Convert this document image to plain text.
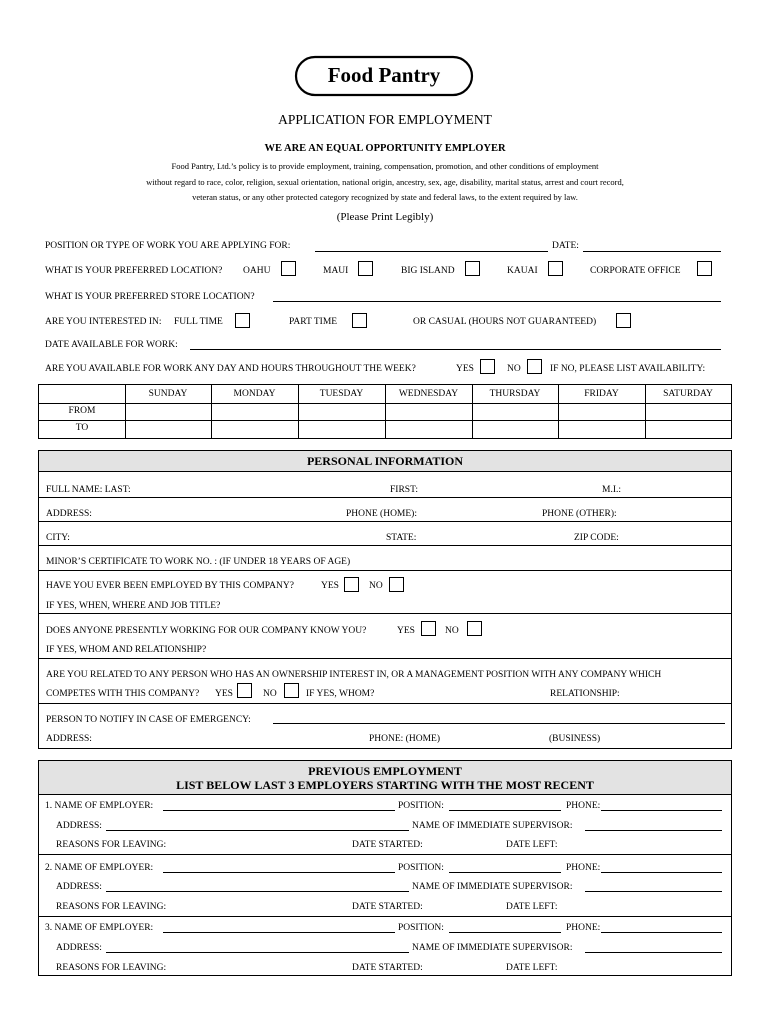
Food Pantry
APPLICATION FOR EMPLOYMENT
WE ARE AN EQUAL OPPORTUNITY EMPLOYER
Food Pantry, Ltd.’s policy is to provide employment, training, compensation, promotion, and other conditions of employment
without regard to race, color, religion, sexual orientation, national origin, ancestry, sex, age, disability, marital status, arrest and court record,
veteran status, or any other protected category recognized by state and federal laws, to the extent required by law.
(Please Print Legibly)
POSITION OR TYPE OF WORK YOU ARE APPLYING FOR:	DATE:
WHAT IS YOUR PREFERRED LOCATION? OAHU	MAUI	BIG ISLAND	KAUAI	CORPORATE OFFICE
WHAT IS YOUR PREFERRED STORE LOCATION?
ARE YOU INTERESTED IN: FULL TIME	PART TIME	OR CASUAL (HOURS NOT GUARANTEED)
DATE AVAILABLE FOR WORK:
ARE YOU AVAILABLE FOR WORK ANY DAY AND HOURS THROUGHOUT THE WEEK?	YES	NO	IF NO, PLEASE LIST AVAILABILITY:
SUNDAY	MONDAY	TUESDAY	WEDNESDAY	THURSDAY	FRIDAY	SATURDAY
FROM
TO
PERSONAL INFORMATION
FULL NAME: LAST:	FIRST:	M.I.:
ADDRESS:	PHONE (HOME):	PHONE (OTHER):
CITY:	STATE:	ZIP CODE:
MINOR’S CERTIFICATE TO WORK NO. : (IF UNDER 18 YEARS OF AGE)
HAVE YOU EVER BEEN EMPLOYED BY THIS COMPANY?	YES	NO
IF YES, WHEN, WHERE AND JOB TITLE?
DOES ANYONE PRESENTLY WORKING FOR OUR COMPANY KNOW YOU?	YES	NO
IF YES, WHOM AND RELATIONSHIP?
ARE YOU RELATED TO ANY PERSON WHO HAS AN OWNERSHIP INTEREST IN, OR A MANAGEMENT POSITION WITH ANY COMPANY WHICH
COMPETES WITH THIS COMPANY? YES	NO	IF YES, WHOM?	RELATIONSHIP:
PERSON TO NOTIFY IN CASE OF EMERGENCY:
ADDRESS:	PHONE: (HOME)	(BUSINESS)
PREVIOUS EMPLOYMENT
LIST BELOW LAST 3 EMPLOYERS STARTING WITH THE MOST RECENT
1. NAME OF EMPLOYER:	POSITION:	PHONE:
ADDRESS:	NAME OF IMMEDIATE SUPERVISOR:
REASONS FOR LEAVING:	DATE STARTED:	DATE LEFT:
2. NAME OF EMPLOYER:	POSITION:	PHONE:
ADDRESS:	NAME OF IMMEDIATE SUPERVISOR:
REASONS FOR LEAVING:	DATE STARTED:	DATE LEFT:
3. NAME OF EMPLOYER:	POSITION:	PHONE:
ADDRESS:	NAME OF IMMEDIATE SUPERVISOR:
REASONS FOR LEAVING:	DATE STARTED:	DATE LEFT:
